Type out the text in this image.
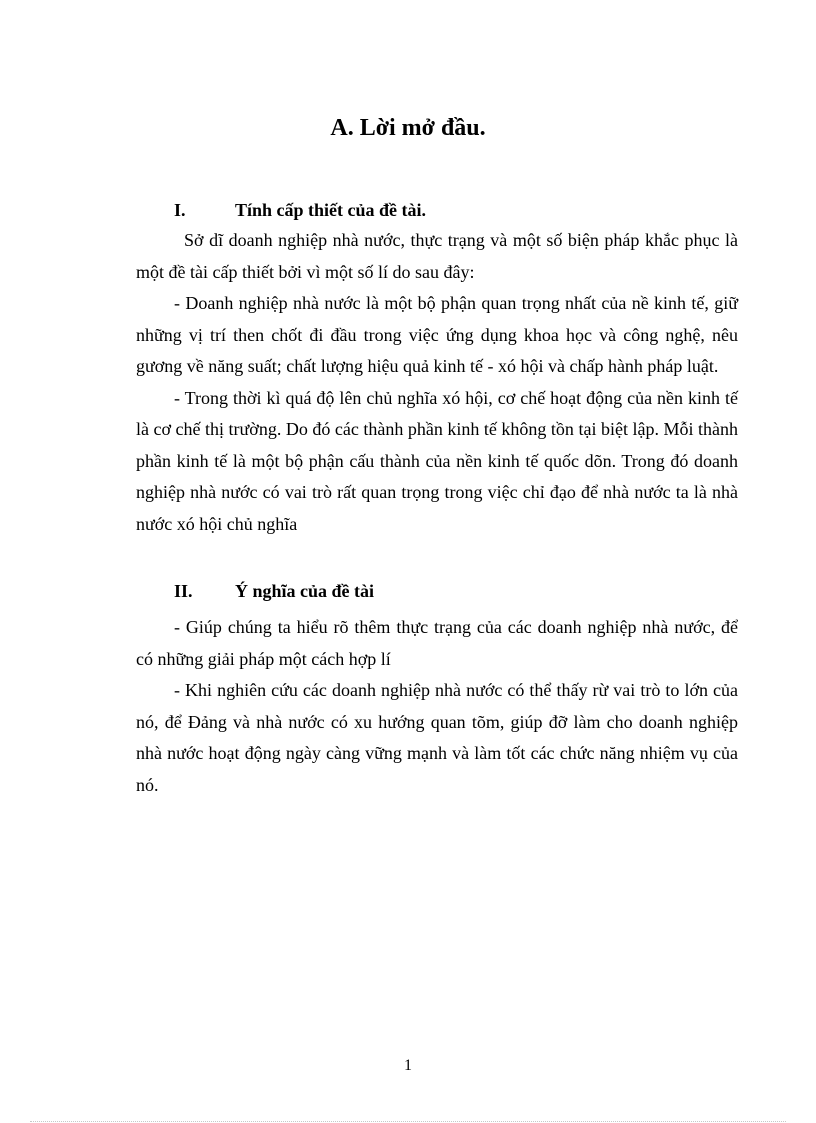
A. Lời mở đầu.
I.	Tính cấp thiết của đề tài.

Sở dĩ doanh nghiệp nhà nước, thực trạng và một số biện pháp khắc phục là một đề tài cấp thiết bởi vì một số lí do sau đây:

- Doanh nghiệp nhà nước là một bộ phận quan trọng nhất của nề kinh tế, giữ những vị trí then chốt đi đầu trong việc ứng dụng khoa học và công nghệ, nêu gương về năng suất; chất lượng hiệu quả kinh tế - xó hội và chấp hành pháp luật.

- Trong thời kì quá độ lên chủ nghĩa xó hội, cơ chế hoạt động của nền kinh tế là cơ chế thị trường. Do đó các thành phần kinh tế không tồn tại biệt lập. Mỗi thành phần kinh tế là một bộ phận cấu thành của nền kinh tế quốc dõn. Trong đó doanh nghiệp nhà nước có vai trò rất quan trọng trong việc chỉ đạo để nhà nước ta là nhà nước xó hội chủ nghĩa

II. Ý nghĩa của đề tài

- Giúp chúng ta hiểu rõ thêm thực trạng của các doanh nghiệp nhà nước, để có những giải pháp một cách hợp lí

- Khi nghiên cứu các doanh nghiệp nhà nước có thể thấy rừ vai trò to lớn của nó, để Đảng và nhà nước có xu hướng quan tõm, giúp đỡ làm cho doanh nghiệp nhà nước hoạt động ngày càng vững mạnh và làm tốt các chức năng nhiệm vụ của nó.

1
